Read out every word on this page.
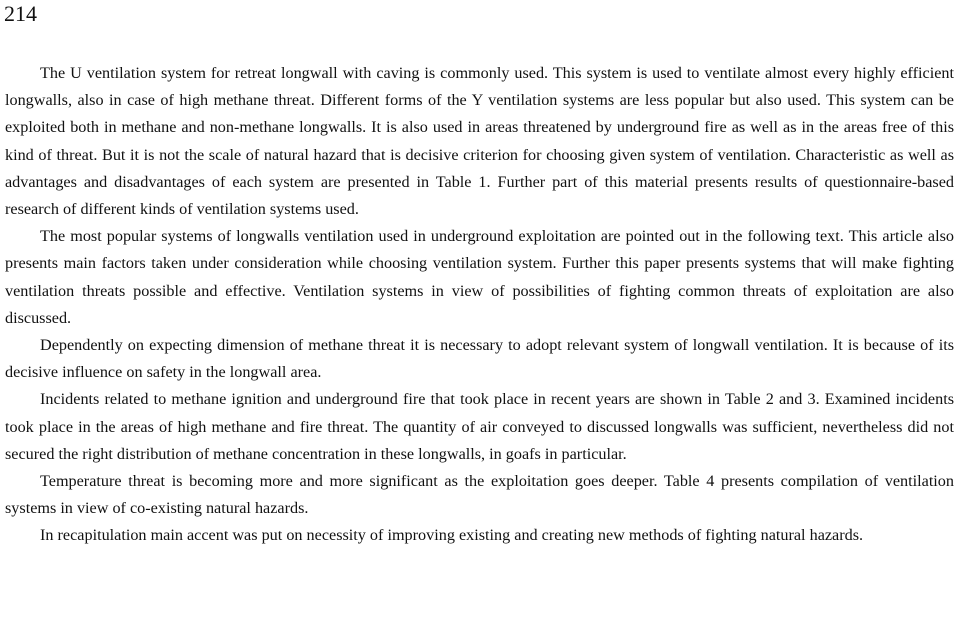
214

The U ventilation system for retreat longwall with caving is commonly used. This system is used to ventilate almost every highly efficient longwalls, also in case of high methane threat. Different forms of the Y ventilation systems are less popular but also used. This system can be exploited both in methane and non-methane longwalls. It is also used in areas threatened by underground fire as well as in the areas free of this kind of threat. But it is not the scale of natural hazard that is decisive criterion for choosing given system of ventilation. Characteristic as well as advantages and disadvantages of each system are presented in Table 1. Further part of this material presents results of questionnaire-based research of different kinds of ventilation systems used.

The most popular systems of longwalls ventilation used in underground exploitation are pointed out in the following text. This article also presents main factors taken under consideration while choosing ventilation system. Further this paper presents systems that will make fighting ventilation threats possible and effective. Ventilation systems in view of possibilities of fighting common threats of exploitation are also discussed.

Dependently on expecting dimension of methane threat it is necessary to adopt relevant system of longwall ventilation. It is because of its decisive influence on safety in the longwall area.

Incidents related to methane ignition and underground fire that took place in recent years are shown in Table 2 and 3. Examined incidents took place in the areas of high methane and fire threat. The quantity of air conveyed to discussed longwalls was sufficient, nevertheless did not secured the right distribution of methane concentration in these longwalls, in goafs in particular.

Temperature threat is becoming more and more significant as the exploitation goes deeper. Table 4 presents compilation of ventilation systems in view of co-existing natural hazards.

In recapitulation main accent was put on necessity of improving existing and creating new methods of fighting natural hazards.
